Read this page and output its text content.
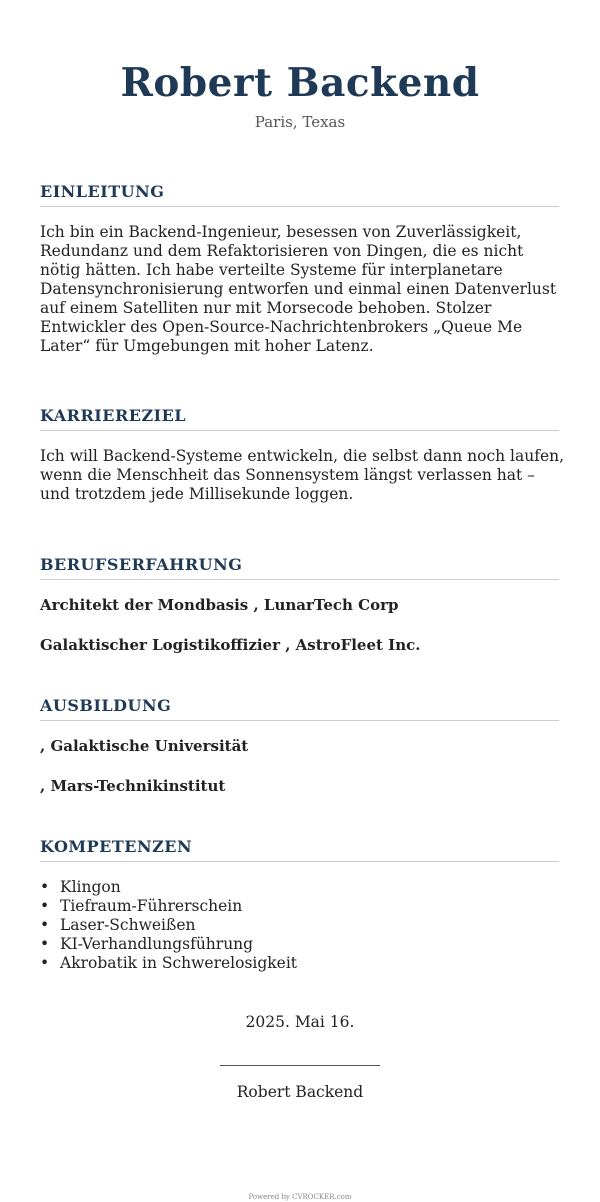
Robert Backend
Paris, Texas
EINLEITUNG
Ich bin ein Backend-Ingenieur, besessen von Zuverlässigkeit, Redundanz und dem Refaktorisieren von Dingen, die es nicht nötig hätten. Ich habe verteilte Systeme für interplanetare Datensynchronisierung entworfen und einmal einen Datenverlust auf einem Satelliten nur mit Morsecode behoben. Stolzer Entwickler des Open-Source-Nachrichtenbrokers „Queue Me Later“ für Umgebungen mit hoher Latenz.
KARRIEREZIEL
Ich will Backend-Systeme entwickeln, die selbst dann noch laufen, wenn die Menschheit das Sonnensystem längst verlassen hat – und trotzdem jede Millisekunde loggen.
BERUFSERFAHRUNG
Architekt der Mondbasis , LunarTech Corp
Galaktischer Logistikoffizier , AstroFleet Inc.
AUSBILDUNG
, Galaktische Universität
, Mars-Technikinstitut
KOMPETENZEN
• Klingon
• Tiefraum-Führerschein
• Laser-Schweißen
• KI-Verhandlungsführung
• Akrobatik in Schwerelosigkeit
2025. Mai 16.
Robert Backend
Powered by CVROCKER.com
